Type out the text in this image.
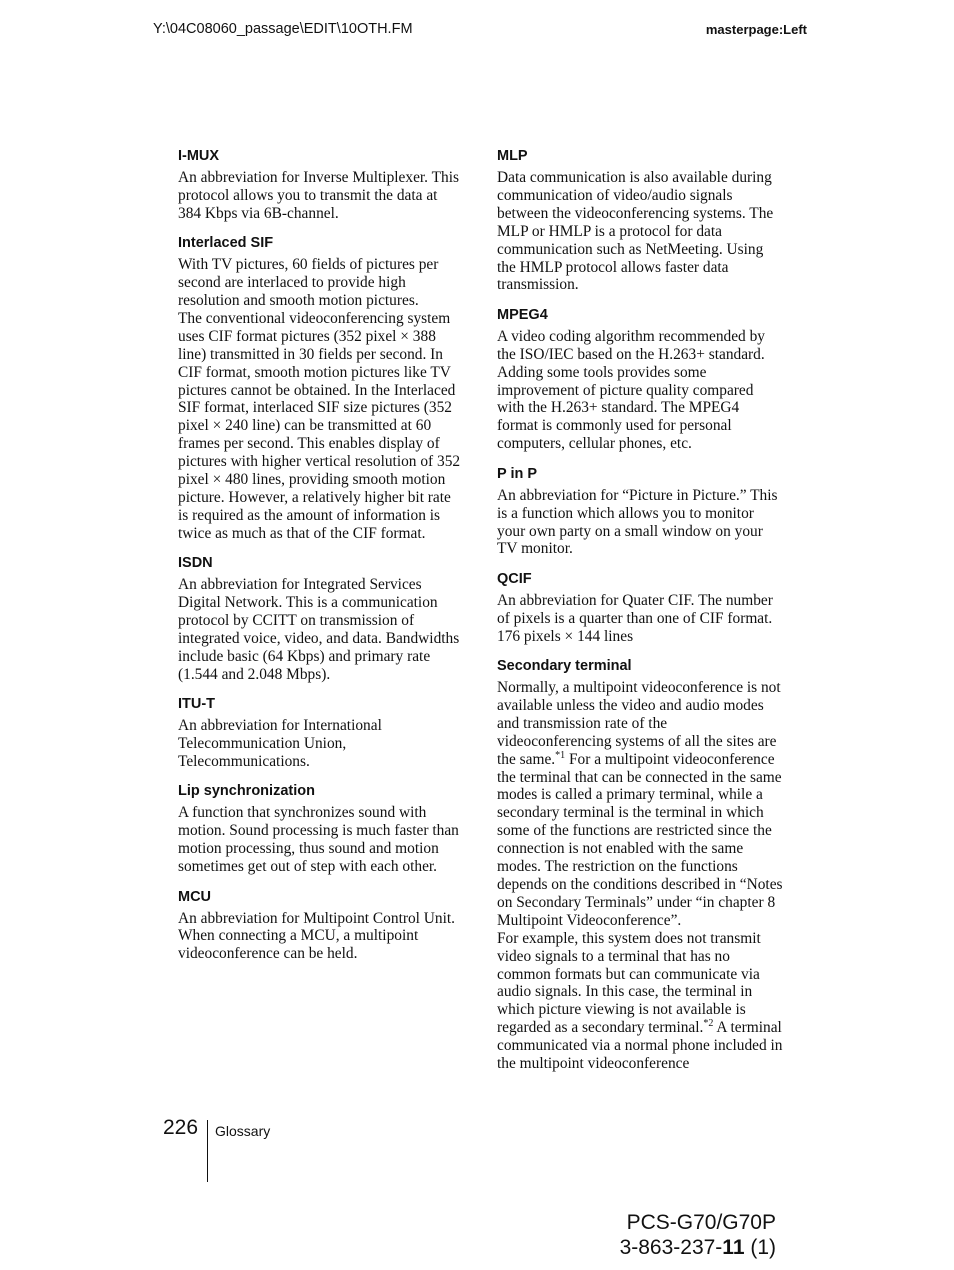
Y:\04C08060_passage\EDIT\10OTH.FM	masterpage:Left
I-MUX

An abbreviation for Inverse Multiplexer. This protocol allows you to transmit the data at 384 Kbps via 6B-channel.

Interlaced SIF

With TV pictures, 60 fields of pictures per second are interlaced to provide high resolution and smooth motion pictures.

The conventional videoconferencing system uses CIF format pictures (352 pixel × 388 line) transmitted in 30 fields per second. In CIF format, smooth motion pictures like TV pictures cannot be obtained. In the Interlaced SIF format, interlaced SIF size pictures (352 pixel × 240 line) can be transmitted at 60 frames per second. This enables display of pictures with higher vertical resolution of 352 pixel × 480 lines, providing smooth motion picture. However, a relatively higher bit rate is required as the amount of information is twice as much as that of the CIF format.

ISDN

An abbreviation for Integrated Services Digital Network. This is a communication protocol by CCITT on transmission of integrated voice, video, and data. Bandwidths include basic (64 Kbps) and primary rate (1.544 and 2.048 Mbps).

ITU-T

An abbreviation for International Telecommunication Union, Telecommunications.

Lip synchronization

A function that synchronizes sound with motion. Sound processing is much faster than motion processing, thus sound and motion sometimes get out of step with each other.

MCU

An abbreviation for Multipoint Control Unit. When connecting a MCU, a multipoint videoconference can be held.

MLP

Data communication is also available during communication of video/audio signals between the videoconferencing systems. The MLP or HMLP is a protocol for data communication such as NetMeeting. Using the HMLP protocol allows faster data transmission.

MPEG4

A video coding algorithm recommended by the ISO/IEC based on the H.263+ standard. Adding some tools provides some improvement of picture quality compared with the H.263+ standard. The MPEG4 format is commonly used for personal computers, cellular phones, etc.

P in P

An abbreviation for “Picture in Picture.” This is a function which allows you to monitor your own party on a small window on your TV monitor.

QCIF

An abbreviation for Quater CIF. The number of pixels is a quarter than one of CIF format.

176 pixels × 144 lines

Secondary terminal

Normally, a multipoint videoconference is not available unless the video and audio modes and transmission rate of the videoconferencing systems of all the sites are the same.$^{*1}$ For a multipoint videoconference the terminal that can be connected in the same modes is called a primary terminal, while a secondary terminal is the terminal in which some of the functions are restricted since the connection is not enabled with the same modes. The restriction on the functions depends on the conditions described in “Notes on Secondary Terminals” under “in chapter 8 Multipoint Videoconference”.

For example, this system does not transmit video signals to a terminal that has no common formats but can communicate via audio signals. In this case, the terminal in which picture viewing is not available is regarded as a secondary terminal.$^{*2}$ A terminal communicated via a normal phone included in the multipoint videoconference

226 Glossary
PCS-G70/G70P
3-863-237-11 (1)
